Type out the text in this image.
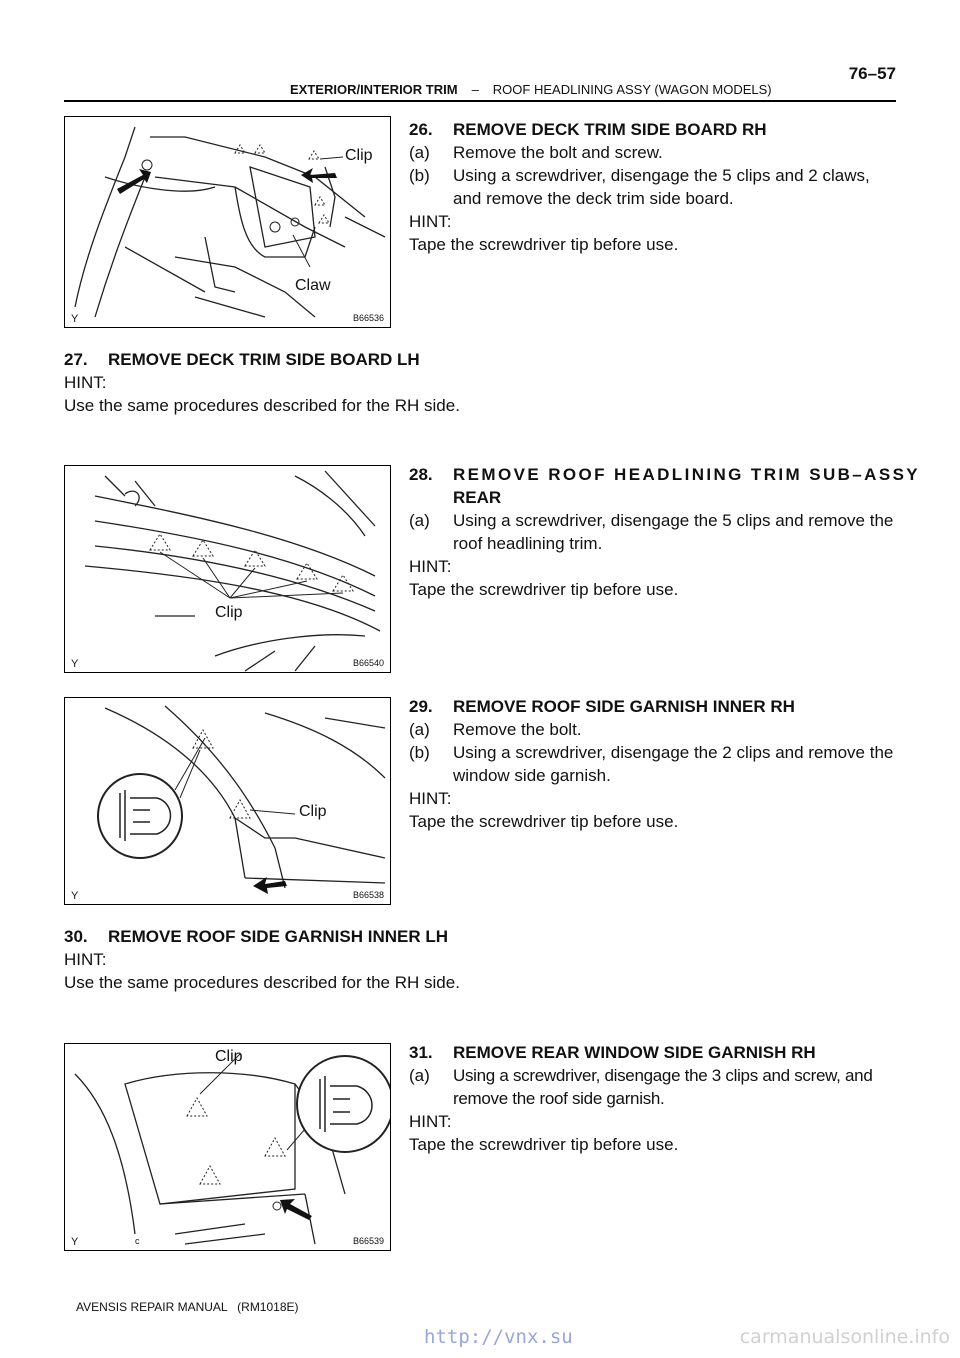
76–57
EXTERIOR/INTERIOR TRIM – ROOF HEADLINING ASSY (WAGON MODELS)
Clip
Claw
Y	B66536
Clip
Y	B66540
Clip
Y	B66538
Clip
Y	c	B66539
26. REMOVE DECK TRIM SIDE BOARD RH
(a) Remove the bolt and screw.
(b) Using a screwdriver, disengage the 5 clips and 2 claws, and remove the deck trim side board.
HINT:
Tape the screwdriver tip before use.
27. REMOVE DECK TRIM SIDE BOARD LH
HINT:
Use the same procedures described for the RH side.
28. REMOVE ROOF HEADLINING TRIM SUB–ASSY
REAR
(a) Using a screwdriver, disengage the 5 clips and remove the roof headlining trim.
HINT:
Tape the screwdriver tip before use.
29. REMOVE ROOF SIDE GARNISH INNER RH
(a) Remove the bolt.
(b) Using a screwdriver, disengage the 2 clips and remove the window side garnish.
HINT:
Tape the screwdriver tip before use.
30. REMOVE ROOF SIDE GARNISH INNER LH
HINT:
Use the same procedures described for the RH side.
31. REMOVE REAR WINDOW SIDE GARNISH RH
(a) Using a screwdriver, disengage the 3 clips and screw, and remove the roof side garnish.
HINT:
Tape the screwdriver tip before use.
AVENSIS REPAIR MANUAL   (RM1018E)
http://vnx.su	carmanualsonline.info
